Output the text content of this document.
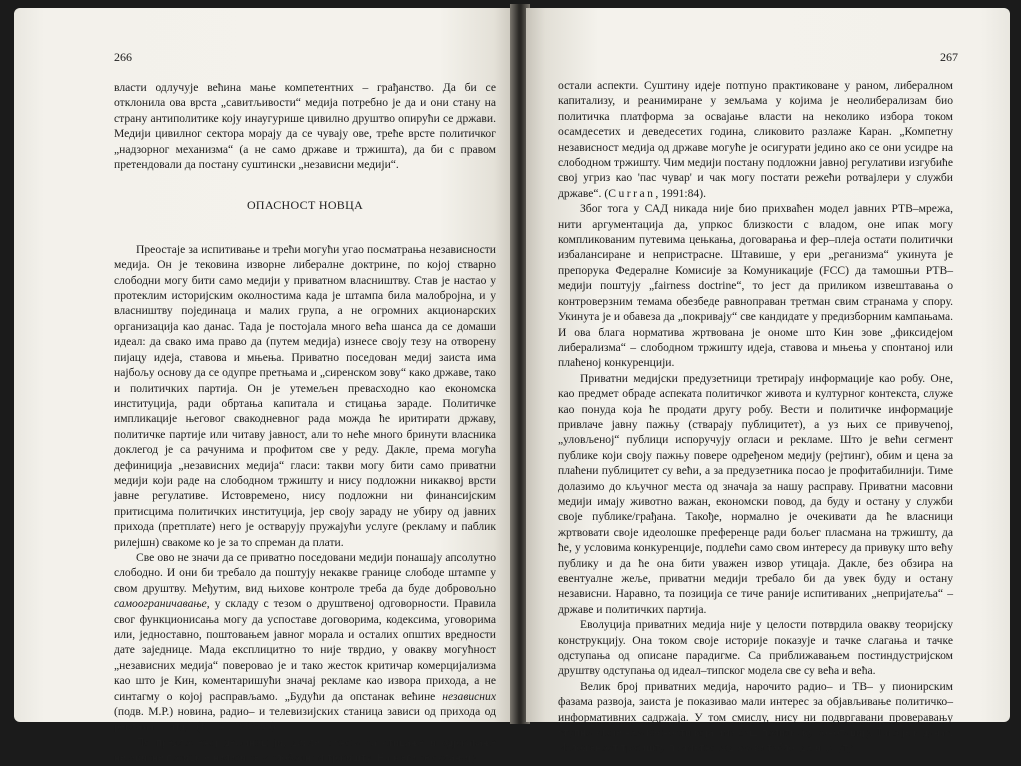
266

власти одлучује већина мање компетентних – грађанство. Да би се отклонила ова врста „савитљивости“ медија потребно је да и они стану на страну антиполитике коју инаугурише цивилно друштво опирући се држави. Медији цивилног сектора морају да се чувају ове, треће врсте политичког „надзорног механизма“ (а не само државе и тржишта), да би с правом претендовали да постану суштински „независни медији“.

ОПАСНОСТ НОВЦА

Преостаје за испитивање и трећи могући угао посматрања независности медија. Он је тековина изворне либералне доктрине, по којој стварно слободни могу бити само медији у приватном власништву. Став је настао у протеклим историјским околностима када је штампа била малобројна, и у власништву појединаца и малих група, а не огромних акционарских организација као данас. Тада је постојала много већа шанса да се домаши идеал: да свако има право да (путем медија) изнесе своју тезу на отворену пијацу идеја, ставова и мњења. Приватно поседован медиј заиста има најбољу основу да се одупре претњама и „сиренском зову“ како државе, тако и политичких партија. Он је утемељен превасходно као економска институција, ради обртања капитала и стицања зараде. Политичке импликације његовог свакодневног рада можда ће иритирати државу, политичке партије или читаву јавност, али то неће много бринути власника доклегод је са рачунима и профитом све у реду. Дакле, према могућа дефиниција „независних медија“ гласи: такви могу бити само приватни медији који раде на слободном тржишту и нису подложни никаквој врсти јавне регулативе. Истовремено, нису подложни ни финансијским притисцима политичких институција, јер своју зараду не убиру од јавних прихода (претплате) него је остварују пружајући услуге (рекламу и паблик рилејшн) свакоме ко је за то спреман да плати.

Све ово не значи да се приватно поседовани медији понашају апсолутно слободно. И они би требало да поштују некакве границе слободе штампе у свом друштву. Међутим, вид њихове контроле треба да буде добровољно самоограничавање, у складу с тезом о друштвеној одговорности. Правила свог функционисања могу да успоставе договорима, кодексима, уговорима или, једноставно, поштовањем јавног морала и осталих општих вредности датe заједнице. Мада експлицитно то није тврдио, у овакву могућност „независних медија“ поверовао је и тако жесток критичар комерцијализма као што је Кин, коментаришући значај рекламе као извора прихода, а не синтагму о којој расправљамо. „Будући да опстанак већине независних (подв. М.Р.) новина, радио– и телевизијских станица зависи од прихода од реклама ... итд.“ (Кин, 1995:80).

По предложеној дефиницији, дакле, основа за стицање и одржавање независне позиције налази се у слободном тржишту. На њега се ослањају

267

остали аспекти. Суштину идеје потпуно практиковане у раном, либералном капитализу, и реанимиране у земљама у којима је неолиберализам био политичка платформа за освајање власти на неколико избора током осамдесетих и деведесетих година, сликовито разлаже Каран. „Компетну независност медија од државе могуће је осигурати једино ако се они усидре на слободном тржишту. Чим медији постану подложни јавној регулативи изгубиће свој угриз као 'пас чувар' и чак могу постати режећи ротвајлери у служби државе“. (Curran, 1991:84).

Због тога у САД никада није био прихваћен модел јавних РТВ–мрежа, нити аргументација да, упркос близкости с владом, оне ипак могу компликованим путевима цењкања, договарања и фер–плеја остати политички избалансиране и непристрасне. Штавише, у ери „реганизма“ укинута је препорука Федералне Комисије за Комуникације (FCC) да тамошњи РТВ–медији поштују „fairness doctrine“, то јест да приликом извештавања о контроверзним темама обезбеде равноправан третман свим странама у спору. Укинута је и обавеза да „покривају“ све кандидате у предизборним кампањама. И ова блага норматива жртвована је ономе што Кин зове „фиксидејом либерализма“ – слободном тржишту идеја, ставова и мњења у спонтаној или плаћеној конкуренцији.

Приватни медијски предузетници третирају информације као робу. Оне, као предмет обраде аспеката политичког живота и културног контекста, служе као понуда која ће продати другу робу. Вести и политичке информације привлаче јавну пажњу (стварају публицитет), а уз њих се привучеnoj, „уловљеној“ публици испоручују огласи и рекламе. Што је већи сегмент публике који своју пажњу поверe одређеном медију (рејтинг), обим и цена за плаћени публицитет су већи, а за предузетника посао је профитабилнији. Тиме долазимо до кључног места од значаја за нашу расправу. Приватни масовни медији имају животно важан, економски повод, да буду и остану у служби своје публике/грађана. Такође, нормално је очекивати да ће власници жртвовати своје идеолошке преференце ради бољег пласмана на тржишту, да ће, у условима конкуренције, подлећи само свом интересу да привуку што већу публику и да ће она бити уважен извор утицаја. Дакле, без обзира на евентуалне жеље, приватни медији требало би да увек буду и остану независни. Наравно, та позиција се тиче раније испитиваних „непријатеља“ – државе и политичких партија.

Еволуција приватних медија није у целости потврдила овакву теоријску конструкцију. Она током своје историје показује и тачке слагања и тачке одступања од описане парадигме. Са приближавањем постиндустријском друштву одступања од идеал–типског модела све су већа и већа.

Велик број приватних медија, нарочито радио– и ТВ– у пионирским фазама развоја, заиста је показивао мали интерес за објављивање политичко–информативних садржаја. У том смислу, нису ни подвргавани проверавању ступња своје независности која има баш политичку конотацију. Тако је и данас. Изложеност тржишту приметно задржава таблоиде и „жуту
